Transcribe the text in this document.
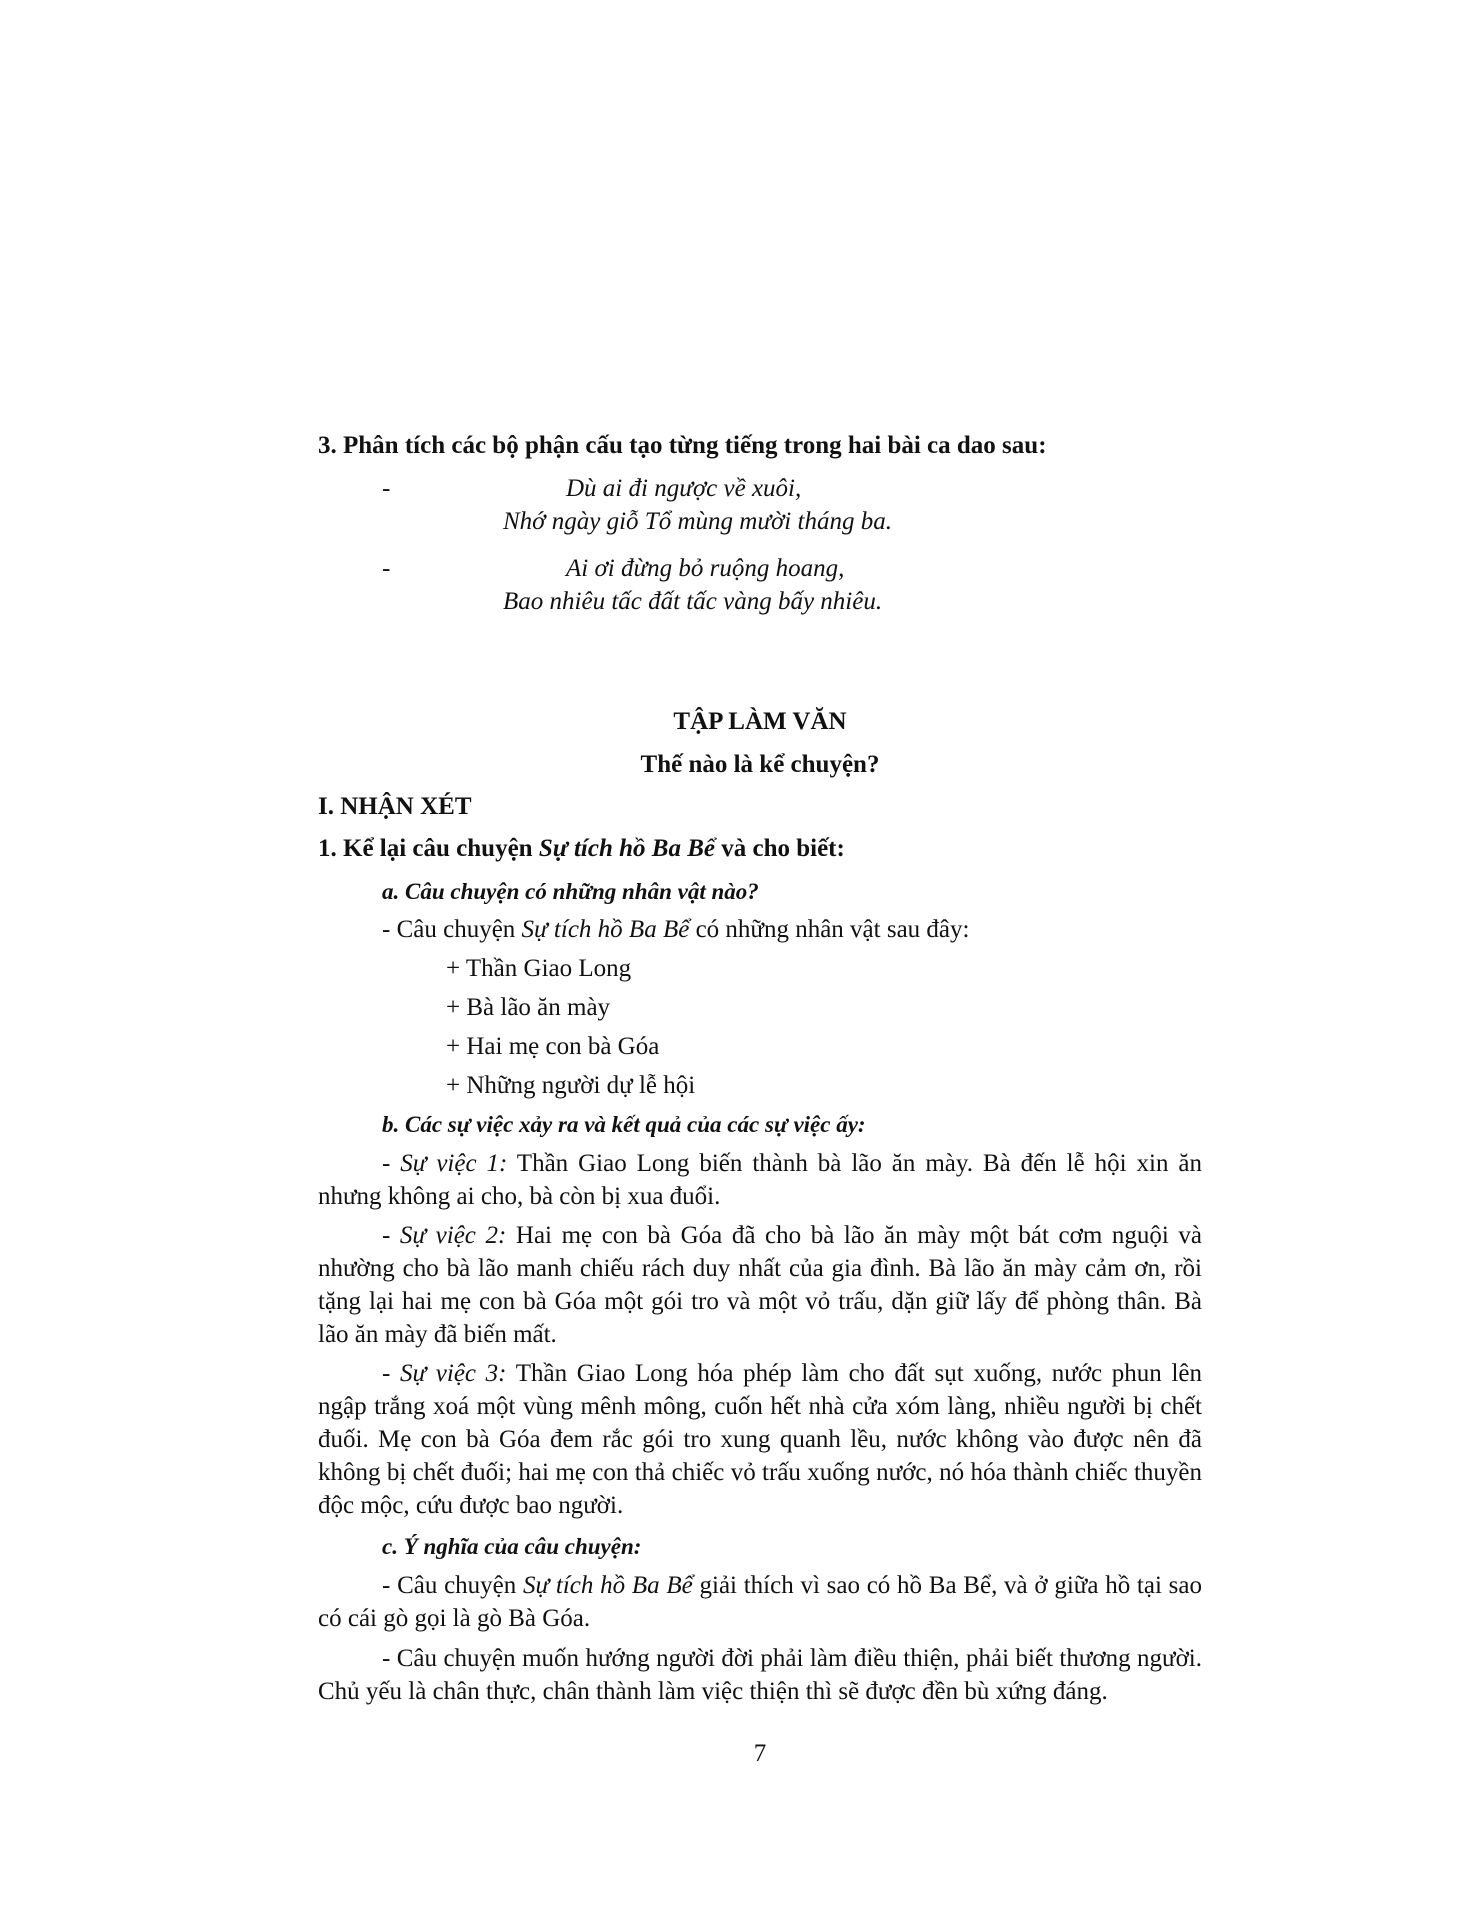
3. Phân tích các bộ phận cấu tạo từng tiếng trong hai bài ca dao sau:
-	Dù ai đi ngược về xuôi,
Nhớ ngày giỗ Tổ mùng mười tháng ba.
-	Ai ơi đừng bỏ ruộng hoang,
Bao nhiêu tấc đất tấc vàng bấy nhiêu.
TẬP LÀM VĂN
Thế nào là kể chuyện?
I. NHẬN XÉT
1. Kể lại câu chuyện Sự tích hồ Ba Bể và cho biết:
a. Câu chuyện có những nhân vật nào?
- Câu chuyện Sự tích hồ Ba Bể có những nhân vật sau đây:
+ Thần Giao Long
+ Bà lão ăn mày
+ Hai mẹ con bà Góa
+ Những người dự lễ hội
b. Các sự việc xảy ra và kết quả của các sự việc ấy:
- Sự việc 1: Thần Giao Long biến thành bà lão ăn mày. Bà đến lễ hội xin ăn nhưng không ai cho, bà còn bị xua đuổi.
- Sự việc 2: Hai mẹ con bà Góa đã cho bà lão ăn mày một bát cơm nguội và nhường cho bà lão manh chiếu rách duy nhất của gia đình. Bà lão ăn mày cảm ơn, rồi tặng lại hai mẹ con bà Góa một gói tro và một vỏ trấu, dặn giữ lấy để phòng thân. Bà lão ăn mày đã biến mất.
- Sự việc 3: Thần Giao Long hóa phép làm cho đất sụt xuống, nước phun lên ngập trắng xoá một vùng mênh mông, cuốn hết nhà cửa xóm làng, nhiều người bị chết đuối. Mẹ con bà Góa đem rắc gói tro xung quanh lều, nước không vào được nên đã không bị chết đuối; hai mẹ con thả chiếc vỏ trấu xuống nước, nó hóa thành chiếc thuyền độc mộc, cứu được bao người.
c. Ý nghĩa của câu chuyện:
- Câu chuyện Sự tích hồ Ba Bể giải thích vì sao có hồ Ba Bể, và ở giữa hồ tại sao có cái gò gọi là gò Bà Góa.
- Câu chuyện muốn hướng người đời phải làm điều thiện, phải biết thương người. Chủ yếu là chân thực, chân thành làm việc thiện thì sẽ được đền bù xứng đáng.
7
